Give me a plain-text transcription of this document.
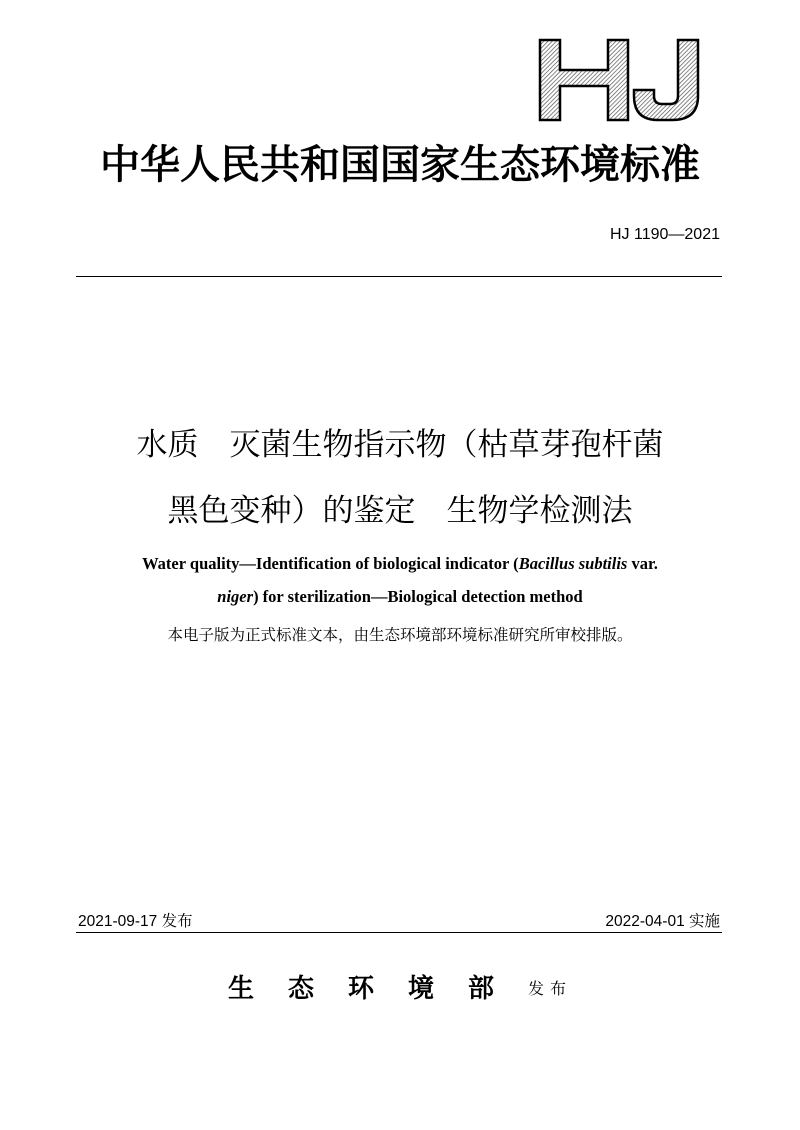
中华人民共和国国家生态环境标准
HJ 1190—2021
水质　灭菌生物指示物（枯草芽孢杆菌
黑色变种）的鉴定　生物学检测法
Water quality—Identification of biological indicator (Bacillus subtilis var.
niger) for sterilization—Biological detection method
本电子版为正式标准文本，由生态环境部环境标准研究所审校排版。
2021-09-17 发布	2022-04-01 实施
生态环境部发布
